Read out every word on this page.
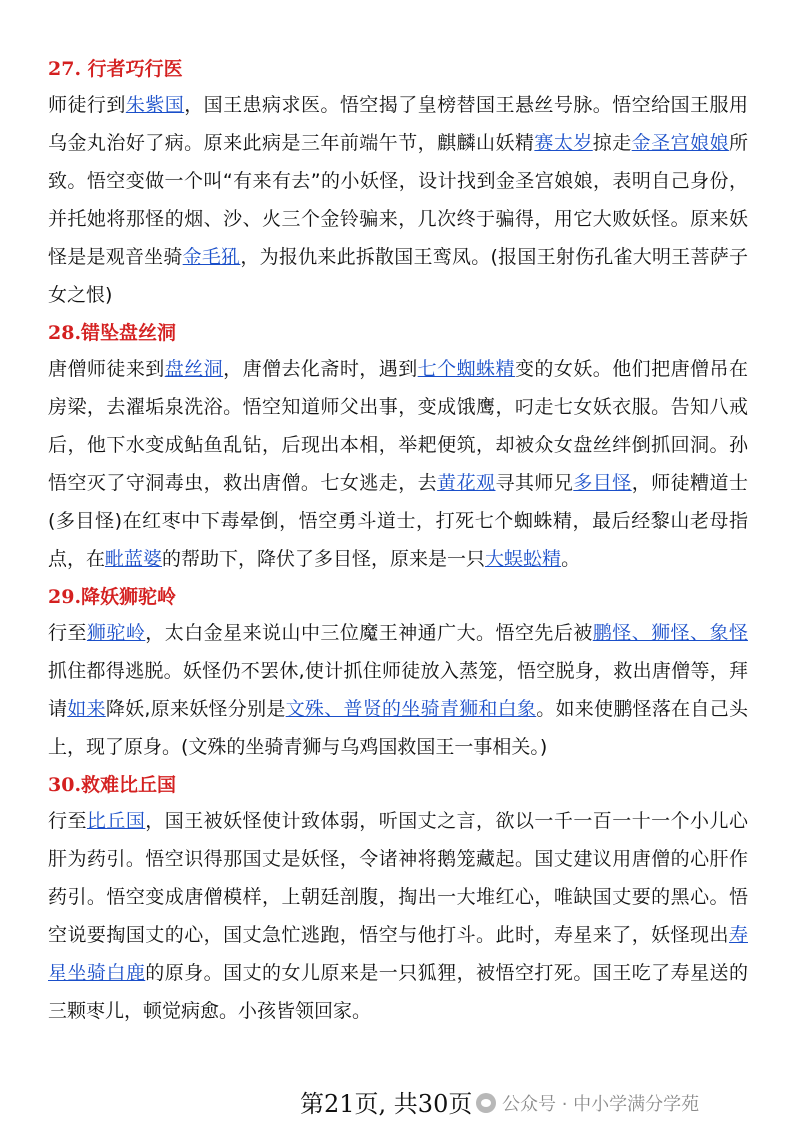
27. 行者巧行医

师徒行到朱紫国，国王患病求医。悟空揭了皇榜替国王悬丝号脉。悟空给国王服用乌金丸治好了病。原来此病是三年前端午节，麒麟山妖精赛太岁掠走金圣宫娘娘所致。悟空变做一个叫“有来有去”的小妖怪，设计找到金圣宫娘娘，表明自己身份，并托她将那怪的烟、沙、火三个金铃骗来，几次终于骗得，用它大败妖怪。原来妖怪是是观音坐骑金毛犼，为报仇来此拆散国王鸾凤。(报国王射伤孔雀大明王菩萨子女之恨)

28.错坠盘丝洞

唐僧师徒来到盘丝洞，唐僧去化斋时，遇到七个蜘蛛精变的女妖。他们把唐僧吊在房梁，去濯垢泉洗浴。悟空知道师父出事，变成饿鹰，叼走七女妖衣服。告知八戒后，他下水变成鲇鱼乱钻，后现出本相，举耙便筑，却被众女盘丝绊倒抓回洞。孙悟空灭了守洞毒虫，救出唐僧。七女逃走，去黄花观寻其师兄多目怪，师徒糟道士(多目怪)在红枣中下毒晕倒，悟空勇斗道士，打死七个蜘蛛精，最后经黎山老母指点，在毗蓝婆的帮助下，降伏了多目怪，原来是一只大蜈蚣精。

29.降妖狮驼岭

行至狮驼岭，太白金星来说山中三位魔王神通广大。悟空先后被鹏怪、狮怪、象怪抓住都得逃脱。妖怪仍不罢休,使计抓住师徒放入蒸笼，悟空脱身，救出唐僧等，拜请如来降妖,原来妖怪分别是文殊、普贤的坐骑青狮和白象。如来使鹏怪落在自己头上，现了原身。(文殊的坐骑青狮与乌鸡国救国王一事相关。)

30.救难比丘国

行至比丘国，国王被妖怪使计致体弱，听国丈之言，欲以一千一百一十一个小儿心肝为药引。悟空识得那国丈是妖怪，令诸神将鹅笼藏起。国丈建议用唐僧的心肝作药引。悟空变成唐僧模样，上朝廷剖腹，掏出一大堆红心，唯缺国丈要的黑心。悟空说要掏国丈的心，国丈急忙逃跑，悟空与他打斗。此时，寿星来了，妖怪现出寿星坐骑白鹿的原身。国丈的女儿原来是一只狐狸，被悟空打死。国王吃了寿星送的三颗枣儿，顿觉病愈。小孩皆领回家。

第21页, 共30页 公众号 · 中小学满分学苑
